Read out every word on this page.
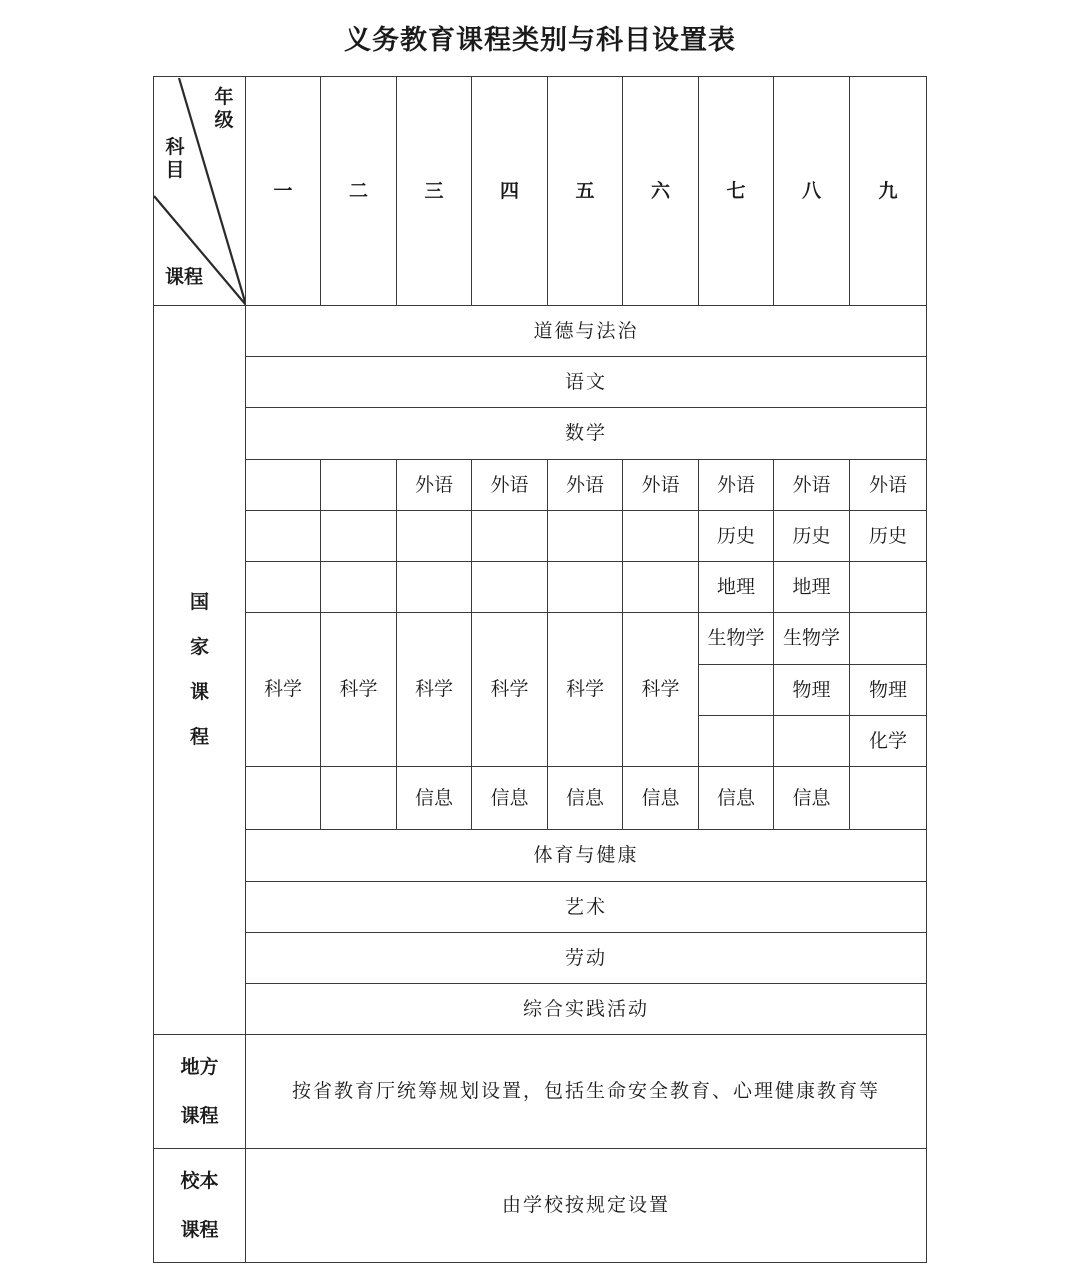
义务教育课程类别与科目设置表
年级
科目
课程	一	二	三	四	五	六	七	八	九

国
家
课
程	道德与法治								
	语文								
	数学								
			外语	外语	外语	外语	外语	外语	外语
							历史	历史	历史
							地理	地理	
	科学	科学	科学	科学	科学	科学	生物学	生物学	
								物理	物理
									化学
			信息	信息	信息	信息	信息	信息	
	体育与健康								
	艺术								
	劳动								
	综合实践活动								

地方
课程	按省教育厅统筹规划设置，包括生命安全教育、心理健康教育等								

校本
课程	由学校按规定设置								
